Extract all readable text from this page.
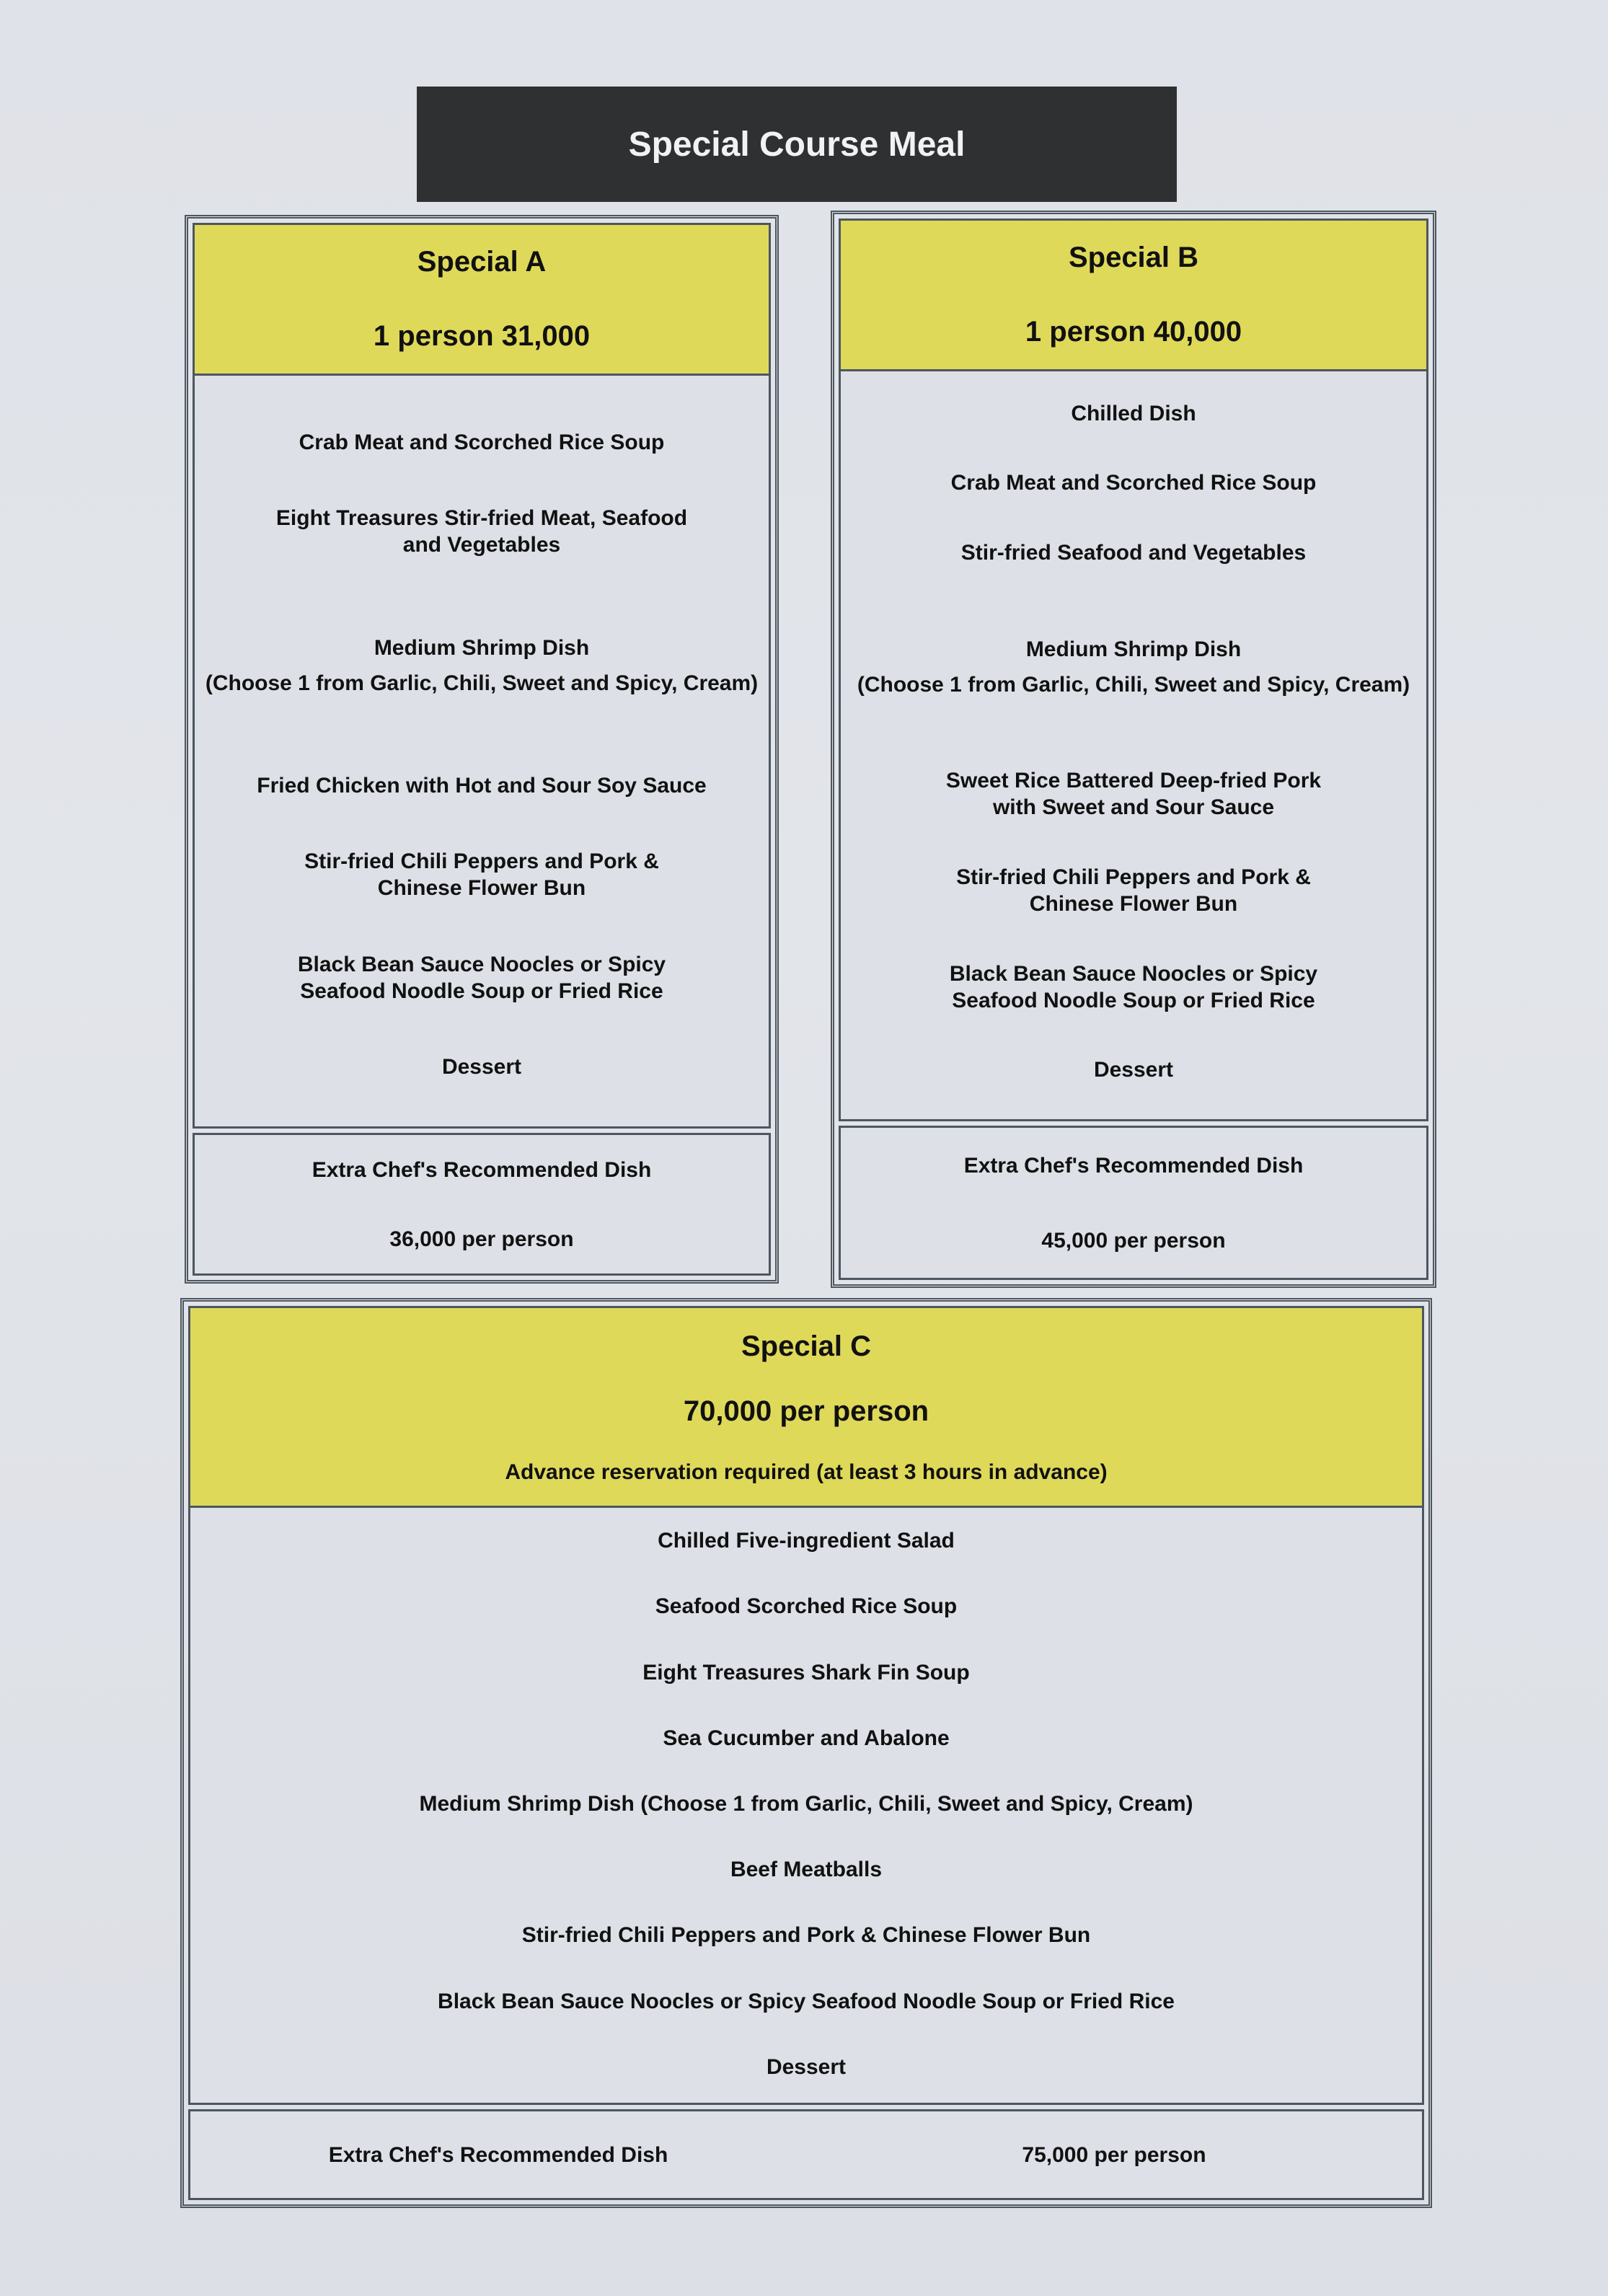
Special Course Meal
Special A
1 person 31,000
Crab Meat and Scorched Rice Soup
Eight Treasures Stir-fried Meat, Seafood
and Vegetables

Medium Shrimp Dish

(Choose 1 from Garlic, Chili, Sweet and Spicy, Cream)

Fried Chicken with Hot and Sour Soy Sauce
Stir-fried Chili Peppers and Pork &
Chinese Flower Bun
Black Bean Sauce Noocles or Spicy
Seafood Noodle Soup or Fried Rice
Dessert
Extra Chef's Recommended Dish
36,000 per person
Special B
1 person 40,000
Chilled Dish
Crab Meat and Scorched Rice Soup
Stir-fried Seafood and Vegetables

Medium Shrimp Dish

(Choose 1 from Garlic, Chili, Sweet and Spicy, Cream)

Sweet Rice Battered Deep-fried Pork
with Sweet and Sour Sauce
Stir-fried Chili Peppers and Pork &
Chinese Flower Bun
Black Bean Sauce Noocles or Spicy
Seafood Noodle Soup or Fried Rice
Dessert
Extra Chef's Recommended Dish
45,000 per person
Special C
70,000 per person
Advance reservation required (at least 3 hours in advance)
Chilled Five-ingredient Salad
Seafood Scorched Rice Soup
Eight Treasures Shark Fin Soup
Sea Cucumber and Abalone
Medium Shrimp Dish (Choose 1 from Garlic, Chili, Sweet and Spicy, Cream)
Beef Meatballs
Stir-fried Chili Peppers and Pork & Chinese Flower Bun
Black Bean Sauce Noocles or Spicy Seafood Noodle Soup or Fried Rice
Dessert
Extra Chef's Recommended Dish	75,000 per person
